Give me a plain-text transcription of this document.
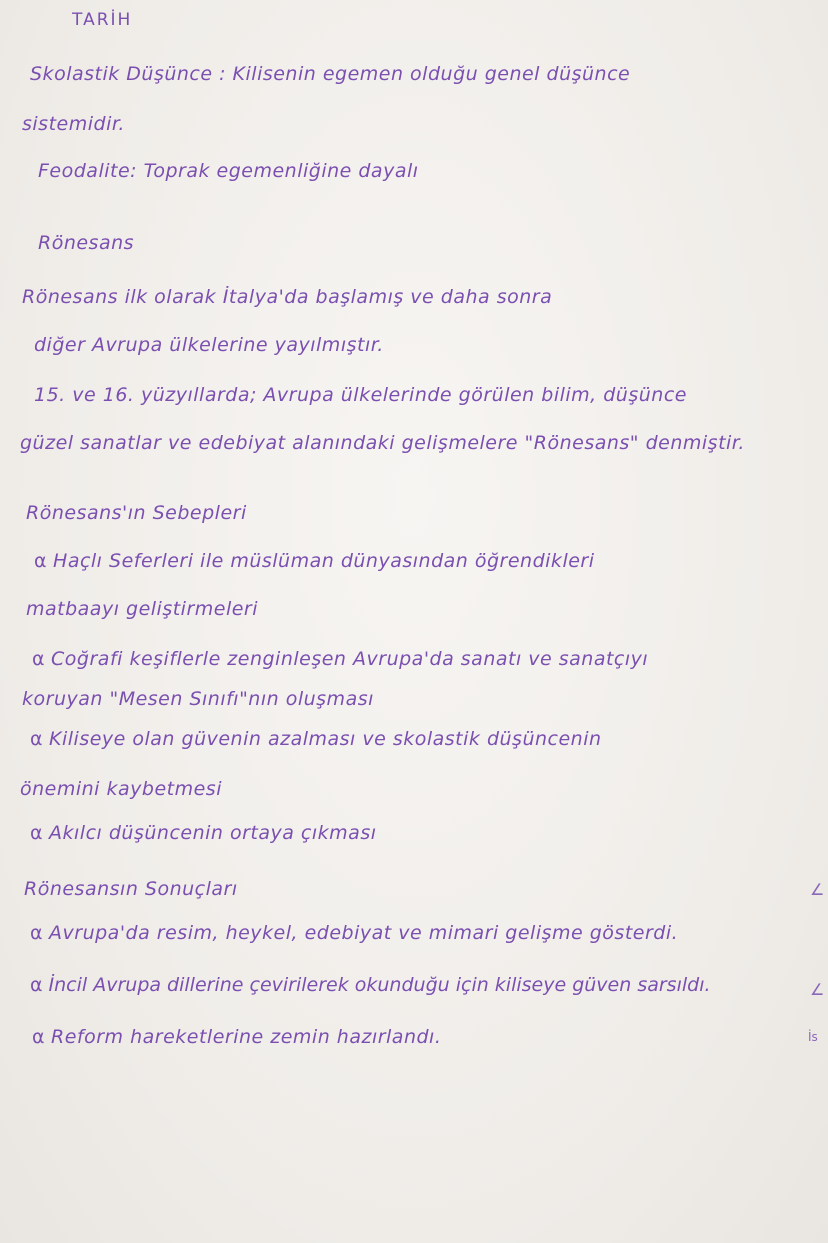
TARİH
Skolastik Düşünce : Kilisenin egemen olduğu genel düşünce
sistemidir.
Feodalite: Toprak egemenliğine dayalı
Rönesans
Rönesans ilk olarak İtalya'da başlamış ve daha sonra
diğer Avrupa ülkelerine yayılmıştır.
15. ve 16. yüzyıllarda; Avrupa ülkelerinde görülen bilim, düşünce
güzel sanatlar ve edebiyat alanındaki gelişmelere "Rönesans" denmiştir.
Rönesans'ın Sebepleri
⍺ Haçlı Seferleri ile müslüman dünyasından öğrendikleri
matbaayı geliştirmeleri
⍺ Coğrafi keşiflerle zenginleşen Avrupa'da sanatı ve sanatçıyı
koruyan "Mesen Sınıfı"nın oluşması
⍺ Kiliseye olan güvenin azalması ve skolastik düşüncenin
önemini kaybetmesi
⍺ Akılcı düşüncenin ortaya çıkması
Rönesansın Sonuçları
⍺ Avrupa'da resim, heykel, edebiyat ve mimari gelişme gösterdi.
⍺ İncil Avrupa dillerine çevirilerek okunduğu için kiliseye güven sarsıldı.
⍺ Reform hareketlerine zemin hazırlandı.
∠
∠
İs
